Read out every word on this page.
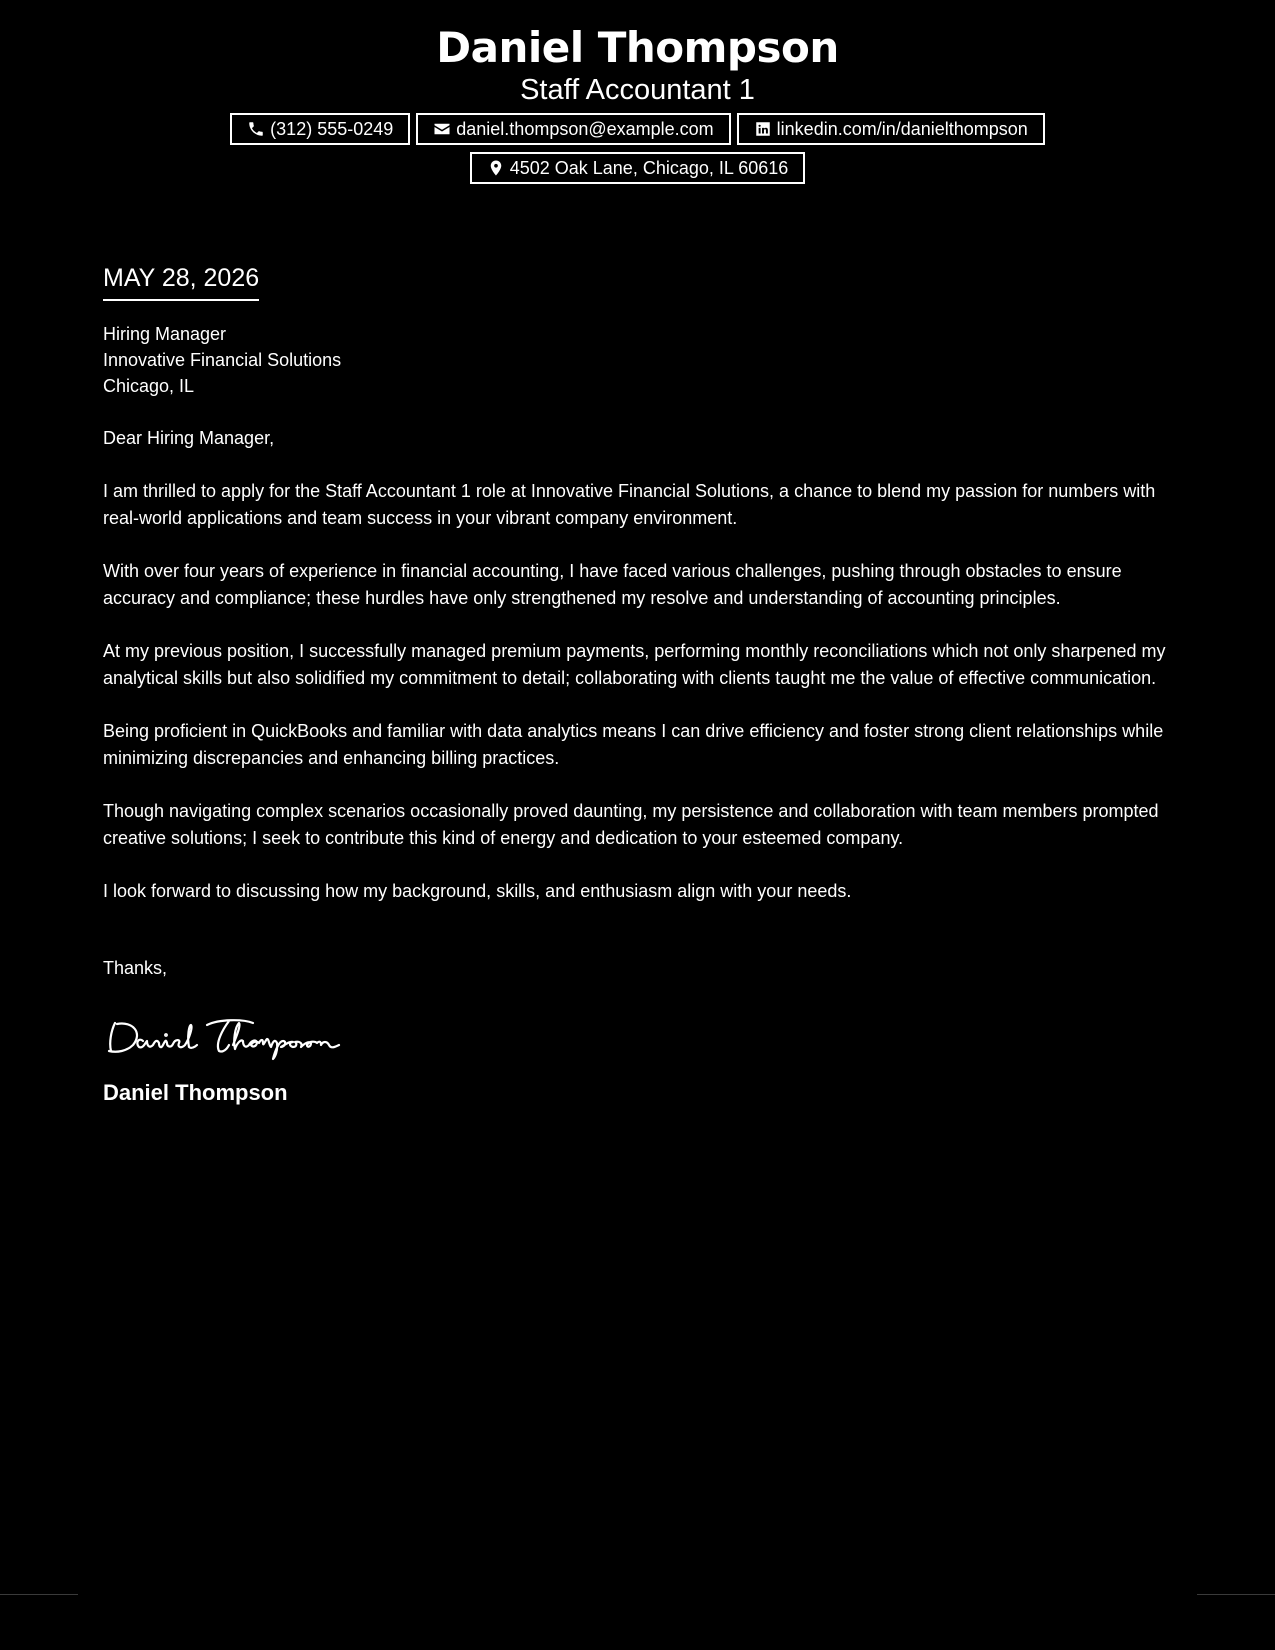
Daniel Thompson
Staff Accountant 1
(312) 555-0249	daniel.thompson@example.com	linkedin.com/in/danielthompson
4502 Oak Lane, Chicago, IL 60616
MAY 28, 2026
Hiring Manager
Innovative Financial Solutions
Chicago, IL
Dear Hiring Manager,
I am thrilled to apply for the Staff Accountant 1 role at Innovative Financial Solutions, a chance to blend my passion for numbers with real-world applications and team success in your vibrant company environment.
With over four years of experience in financial accounting, I have faced various challenges, pushing through obstacles to ensure accuracy and compliance; these hurdles have only strengthened my resolve and understanding of accounting principles.
At my previous position, I successfully managed premium payments, performing monthly reconciliations which not only sharpened my analytical skills but also solidified my commitment to detail; collaborating with clients taught me the value of effective communication.
Being proficient in QuickBooks and familiar with data analytics means I can drive efficiency and foster strong client relationships while minimizing discrepancies and enhancing billing practices.
Though navigating complex scenarios occasionally proved daunting, my persistence and collaboration with team members prompted creative solutions; I seek to contribute this kind of energy and dedication to your esteemed company.
I look forward to discussing how my background, skills, and enthusiasm align with your needs.
Thanks,
Daniel Thompson
